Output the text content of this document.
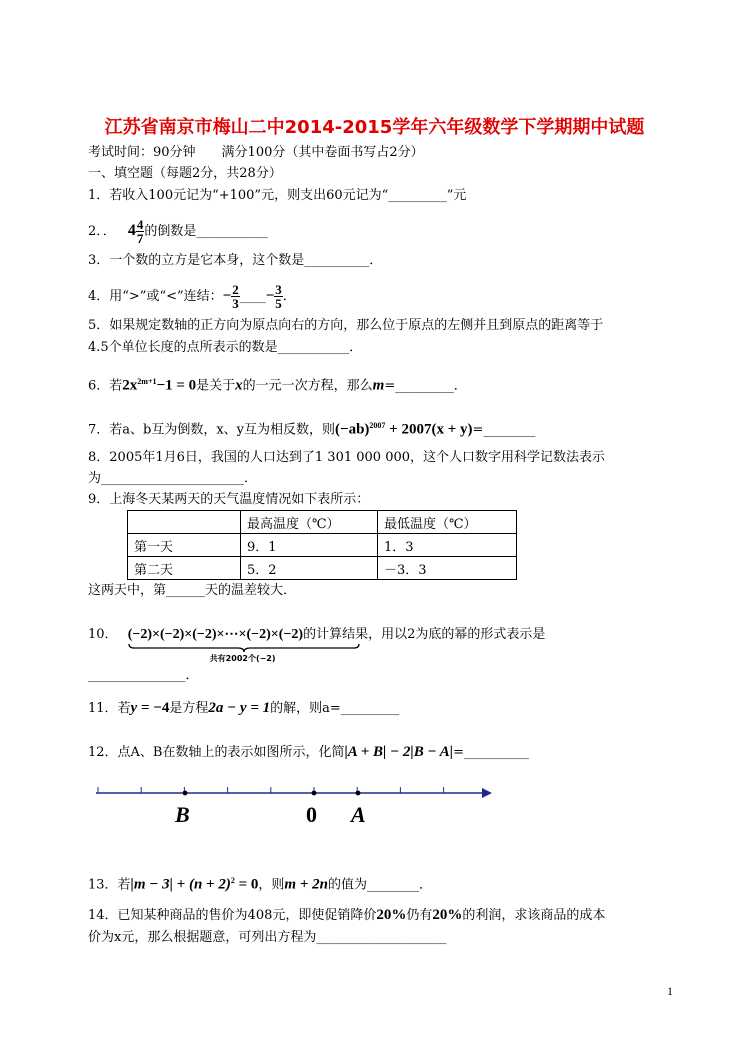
江苏省南京市梅山二中2014-2015学年六年级数学下学期期中试题
考试时间：90分钟　　满分100分（其中卷面书写占2分）
一、填空题（每题2分，共28分）
1．若收入100元记为“+100”元，则支出60元记为“_________”元
2．． $4 \frac{4}{7}$ 的倒数是___________
3．一个数的立方是它本身，这个数是__________．
4．用“>”或“<”连结：− $\frac{2}{3}$ ____− $\frac{3}{5}$ ．
5．如果规定数轴的正方向为原点向右的方向，那么位于原点的左侧并且到原点的距离等于
4.5个单位长度的点所表示的数是___________．
6．若$2x^{2m+1}-1 = 0$是关于x的一元一次方程，那么m=_________．
7．若a、b互为倒数，x、y互为相反数，则$(-ab)^{2007} + 2007(x$ + y)=________
8．2005年1月6日，我国的人口达到了1 301 000 000，这个人口数字用科学记数法表示
为______________________．
9．上海冬天某两天的天气温度情况如下表所示：
	最高温度（℃）	最低温度（℃）
第一天	9．1	1．3
第二天	5．2	－3．3
这两天中，第______天的温差较大．
10． (−2)×(−2)×(−2)×⋯×(−2)×(−2)
共有2002个(−2)
的计算结果，用以2为底的幂的形式表示是
_______________．
11．若y = −4是方程2a − y = 1的解，则a=_________
12．点A、B在数轴上的表示如图所示，化简|A + B| − 2|B − A|=__________
B	0 A
13．若$|m - 3| + (n + 2)^2 = 0$，则m + 2n的值为________．
14．已知某种商品的售价为408元，即使促销降价20%仍有20%的利润，求该商品的成本
价为x元，那么根据题意，可列出方程为____________________
1
